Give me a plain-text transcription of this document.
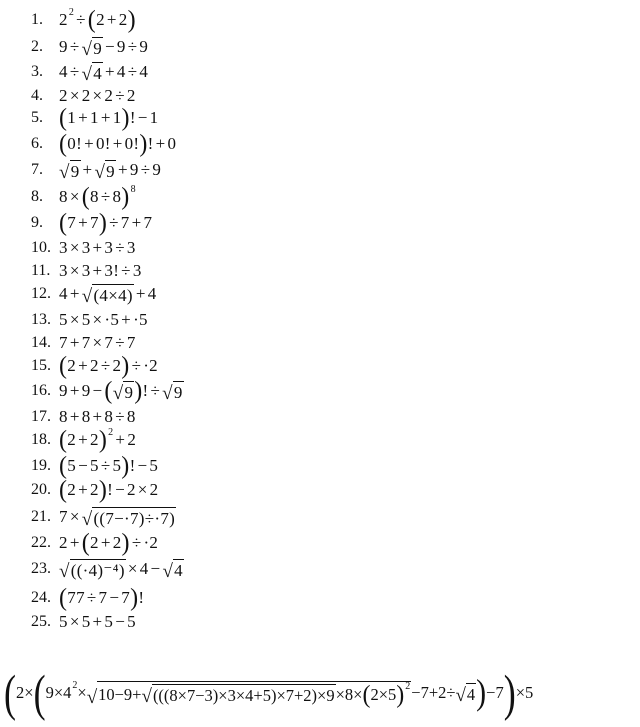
1. 2 2 ÷ ( 2 + 2 )
2. 9 ÷ √ 9 − 9 ÷ 9
3. 4 ÷ √ 4 + 4 ÷ 4
4. 2 × 2 × 2 ÷ 2
5. ( 1 + 1 + 1 ) ! − 1
6. ( 0! + 0! + 0! ) ! + 0
7. √ 9 + √ 9 + 9 ÷ 9
8. 8 × ( 8 ÷ 8 ) 8
9. ( 7 + 7 ) ÷ 7 + 7
10. 3 × 3 + 3 ÷ 3
11. 3 × 3 + 3! ÷ 3
12. 4 + √ (4×4) + 4
13. 5 × 5 × ·5 + ·5
14. 7 + 7 × 7 ÷ 7
15. ( 2 + 2 ÷ 2 ) ÷ ·2
16. 9 + 9 − ( √ 9 ) ! ÷ √ 9
17. 8 + 8 + 8 ÷ 8
18. ( 2 + 2 ) 2 + 2
19. ( 5 − 5 ÷ 5 ) ! − 5
20. ( 2 + 2 ) ! − 2 × 2
21. 7 × √ ((7−·7)÷·7)
22. 2 + ( 2 + 2 ) ÷ ·2
23. √ ((·4)⁻⁴) × 4 − √ 4
24. ( 77 ÷ 7 − 7 ) !
25. 5 × 5 + 5 − 5
( 2× ( 9×4 2 × √ 10−9+ √ (((8×7−3)×3×4+5)×7+2)×9 ×8× ( 2×5 ) 2 −7+2÷ √ 4 ) −7 ) ×5
